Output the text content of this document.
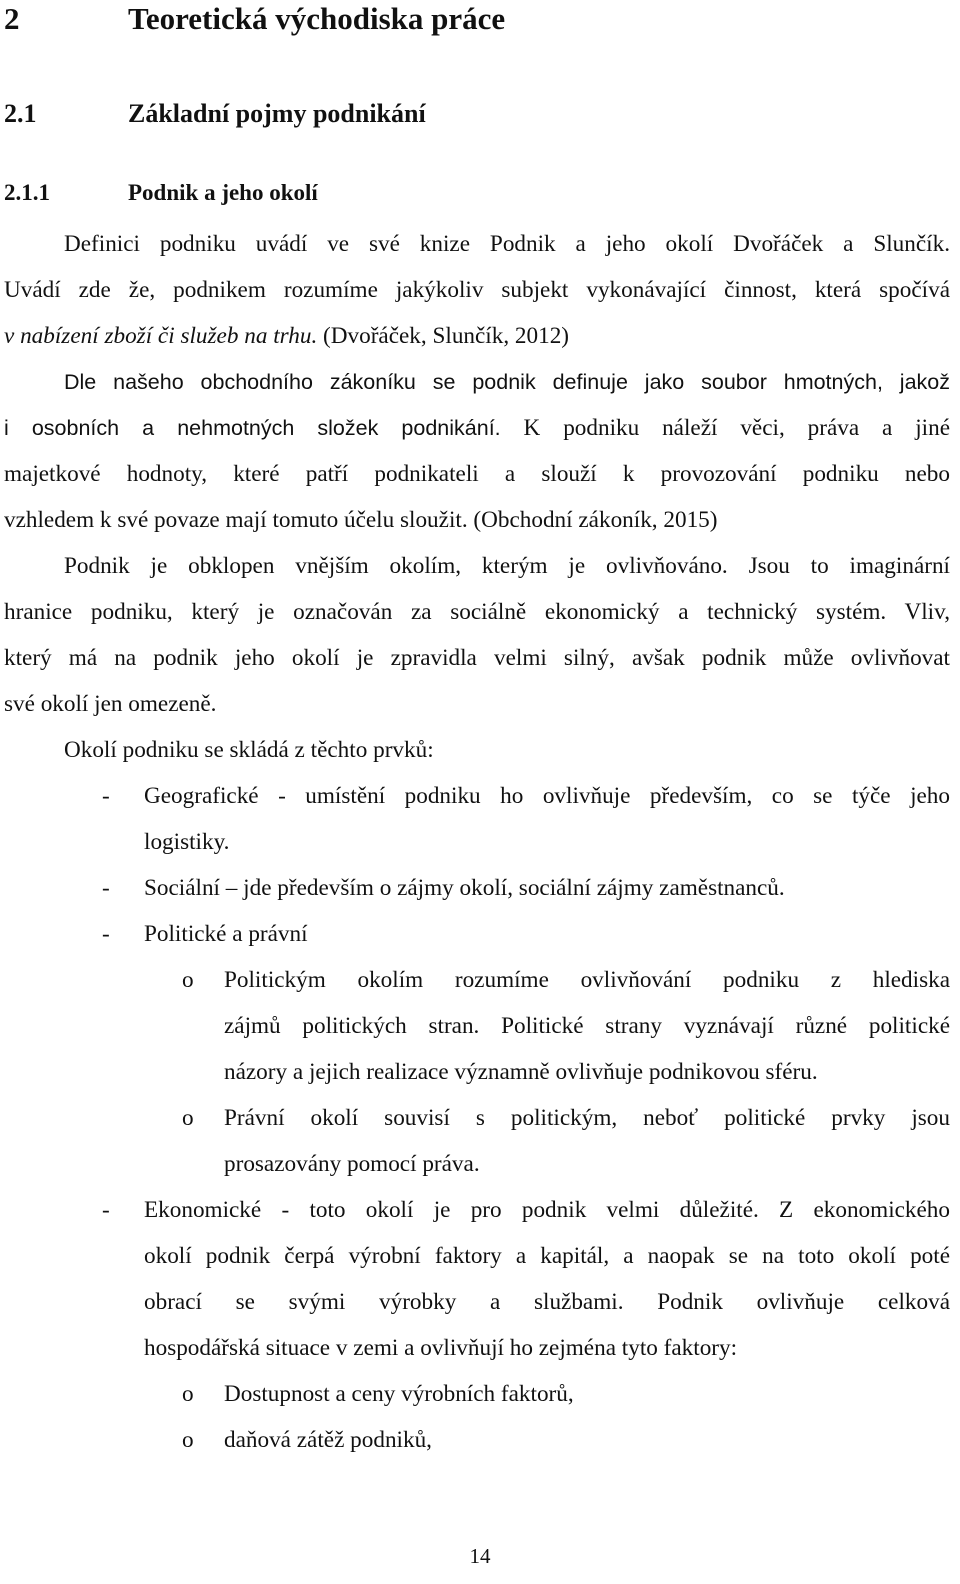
2	Teoretická východiska práce
2.1	Základní pojmy podnikání
2.1.1	Podnik a jeho okolí
Definici podniku uvádí ve své knize Podnik a jeho okolí Dvořáček a Slunčík.
Uvádí zde že, podnikem rozumíme jakýkoliv subjekt vykonávající činnost, která spočívá
v nabízení zboží či služeb na trhu. (Dvořáček, Slunčík, 2012)
Dle našeho obchodního zákoníku se podnik definuje jako soubor hmotných, jakož
i osobních a nehmotných složek podnikání. K podniku náleží věci, práva a jiné
majetkové hodnoty, které patří podnikateli a slouží k provozování podniku nebo
vzhledem k své povaze mají tomuto účelu sloužit. (Obchodní zákoník, 2015)
Podnik je obklopen vnějším okolím, kterým je ovlivňováno. Jsou to imaginární
hranice podniku, který je označován za sociálně ekonomický a technický systém. Vliv,
který má na podnik jeho okolí je zpravidla velmi silný, avšak podnik může ovlivňovat
své okolí jen omezeně.
Okolí podniku se skládá z těchto prvků:
- Geografické - umístění podniku ho ovlivňuje především, co se týče jeho
logistiky.
- Sociální – jde především o zájmy okolí, sociální zájmy zaměstnanců.
- Politické a právní
o Politickým okolím rozumíme ovlivňování podniku z hlediska
zájmů politických stran. Politické strany vyznávají různé politické
názory a jejich realizace významně ovlivňuje podnikovou sféru.
o Právní okolí souvisí s politickým, neboť politické prvky jsou
prosazovány pomocí práva.
- Ekonomické - toto okolí je pro podnik velmi důležité. Z ekonomického
okolí podnik čerpá výrobní faktory a kapitál, a naopak se na toto okolí poté
obrací se svými výrobky a službami. Podnik ovlivňuje celková
hospodářská situace v zemi a ovlivňují ho zejména tyto faktory:
o Dostupnost a ceny výrobních faktorů,
o daňová zátěž podniků,
14
